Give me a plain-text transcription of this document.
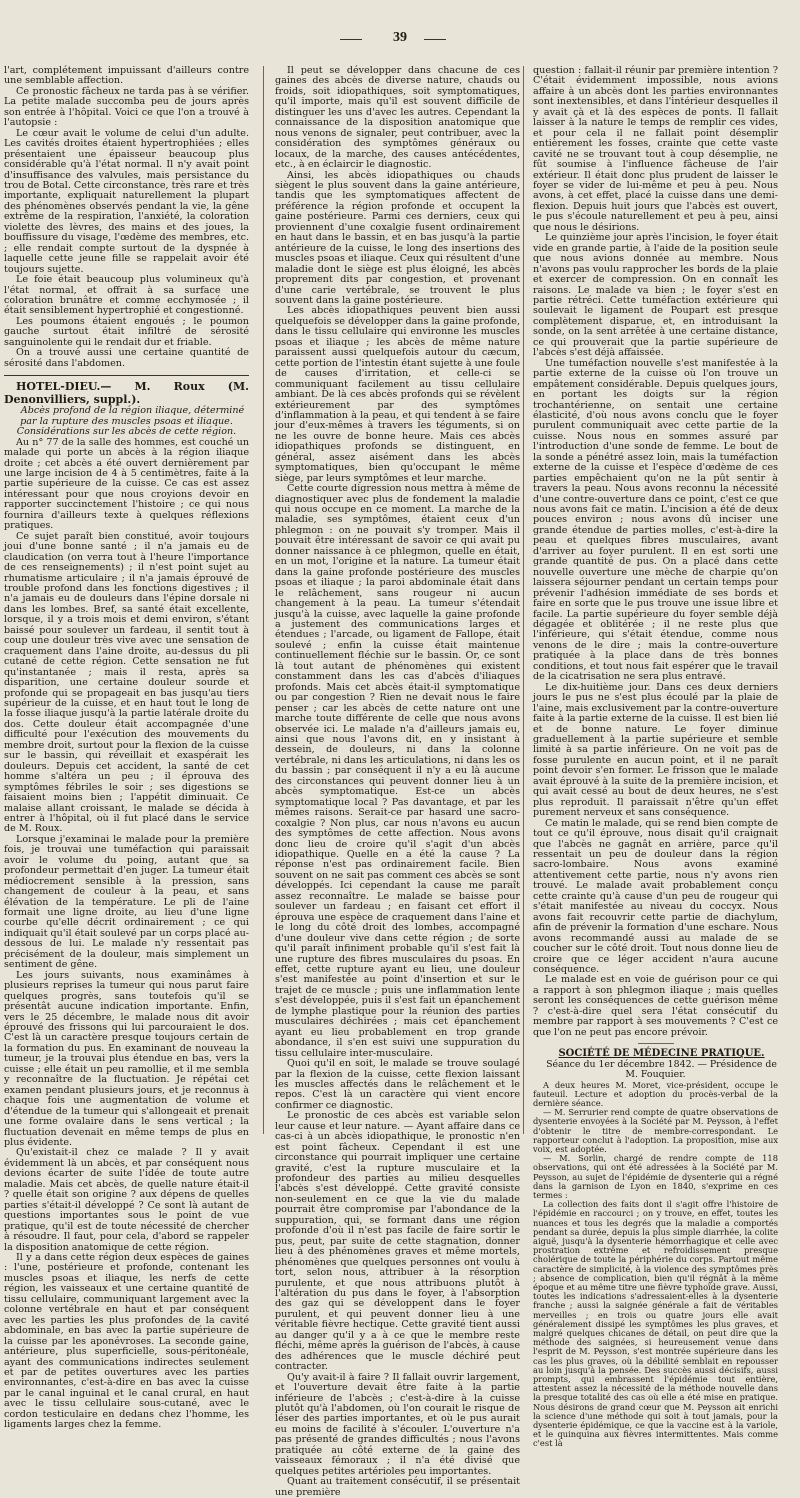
39

l'art, complétement impuissant d'ailleurs contre une semblable affection.

Ce pronostic fâcheux ne tarda pas à se vérifier. La petite malade succomba peu de jours après son entrée à l'hôpital. Voici ce que l'on a trouvé à l'autopsie :

Le cœur avait le volume de celui d'un adulte. Les cavités droites étaient hypertrophiées ; elles présentaient une épaisseur beaucoup plus considérable qu'à l'état normal. Il n'y avait point d'insuffisance des valvules, mais persistance du trou de Botal. Cette circonstance, très rare et très importante, expliquait naturellement la plupart des phénomènes observés pendant la vie, la gêne extrême de la respiration, l'anxiété, la coloration violette des lèvres, des mains et des joues, la bouffissure du visage, l'œdème des membres, etc. ; elle rendait compte surtout de la dyspnée à laquelle cette jeune fille se rappelait avoir été toujours sujette.

Le foie était beaucoup plus volumineux qu'à l'état normal, et offrait à sa surface une coloration brunâtre et comme ecchymosée ; il était sensiblement hypertrophié et congestionné.

Les poumons étaient engoués ; le poumon gauche surtout était infiltré de sérosité sanguinolente qui le rendait dur et friable.

On a trouvé aussi une certaine quantité de sérosité dans l'abdomen.

HOTEL-DIEU.— M. Roux (M. Denonvilliers, suppl.).

Abcès profond de la région iliaque, déterminé par la rupture des muscles psoas et iliaque. Considérations sur les abcès de cette région.

Au n° 77 de la salle des hommes, est couché un malade qui porte un abcès à la région iliaque droite ; cet abcès a été ouvert dernièrement par une large incision de 4 à 5 centimètres, faite à la partie supérieure de la cuisse. Ce cas est assez intéressant pour que nous croyions devoir en rapporter succinctement l'histoire ; ce qui nous fournira d'ailleurs texte à quelques réflexions pratiques.

Ce sujet paraît bien constitué, avoir toujours joui d'une bonne santé ; il n'a jamais eu de claudication (on verra tout à l'heure l'importance de ces renseignements) ; il n'est point sujet au rhumatisme articulaire ; il n'a jamais éprouvé de trouble profond dans les fonctions digestives ; il n'a jamais eu de douleurs dans l'épine dorsale ni dans les lombes. Bref, sa santé était excellente, lorsque, il y a trois mois et demi environ, s'étant baissé pour soulever un fardeau, il sentit tout à coup une douleur très vive avec une sensation de craquement dans l'aine droite, au-dessus du pli cutané de cette région. Cette sensation ne fut qu'instantanée ; mais il resta, après sa disparition, une certaine douleur sourde et profonde qui se propageait en bas jusqu'au tiers supérieur de la cuisse, et en haut tout le long de la fosse iliaque jusqu'à la partie latérale droite du dos. Cette douleur était accompagnée d'une difficulté pour l'exécution des mouvements du membre droit, surtout pour la flexion de la cuisse sur le bassin, qui réveillait et exaspérait les douleurs. Depuis cet accident, la santé de cet homme s'altéra un peu ; il éprouva des symptômes fébriles le soir ; ses digestions se faisaient moins bien ; l'appétit diminuait. Ce malaise allant croissant, le malade se décida à entrer à l'hôpital, où il fut placé dans le service de M. Roux.

Lorsque j'examinai le malade pour la première fois, je trouvai une tuméfaction qui paraissait avoir le volume du poing, autant que sa profondeur permettait d'en juger. La tumeur était médiocrement sensible à la pression, sans changement de couleur à la peau, et sans élévation de la température. Le pli de l'aine formait une ligne droite, au lieu d'une ligne courbe qu'elle décrit ordinairement ; ce qui indiquait qu'il était soulevé par un corps placé au-dessous de lui. Le malade n'y ressentait pas précisément de la douleur, mais simplement un sentiment de gêne.

Les jours suivants, nous examinâmes à plusieurs reprises la tumeur qui nous parut faire quelques progrès, sans toutefois qu'il se présentât aucune indication importante. Enfin, vers le 25 décembre, le malade nous dit avoir éprouvé des frissons qui lui parcouraient le dos. C'est là un caractère presque toujours certain de la formation du pus. En examinant de nouveau la tumeur, je la trouvai plus étendue en bas, vers la cuisse ; elle était un peu ramollie, et il me sembla y reconnaître de la fluctuation. Je répétai cet examen pendant plusieurs jours, et je reconnus à chaque fois une augmentation de volume et d'étendue de la tumeur qui s'allongeait et prenait une forme ovalaire dans le sens vertical ; la fluctuation devenait en même temps de plus en plus évidente.

Qu'existait-il chez ce malade ? Il y avait évidemment là un abcès, et par conséquent nous devions écarter de suite l'idée de toute autre maladie. Mais cet abcès, de quelle nature était-il ? quelle était son origine ? aux dépens de quelles parties s'était-il développé ? Ce sont là autant de questions importantes sous le point de vue pratique, qu'il est de toute nécessité de chercher à résoudre. Il faut, pour cela, d'abord se rappeler la disposition anatomique de cette région.

Il y a dans cette région deux espèces de gaines : l'une, postérieure et profonde, contenant les muscles psoas et iliaque, les nerfs de cette région, les vaisseaux et une certaine quantité de tissu cellulaire, communiquant largement avec la colonne vertébrale en haut et par conséquent avec les parties les plus profondes de la cavité abdominale, en bas avec la partie supérieure de la cuisse par les aponévroses. La seconde gaine, antérieure, plus superficielle, sous-péritonéale, ayant des communications indirectes seulement et par de petites ouvertures avec les parties environnantes, c'est-à-dire en bas avec la cuisse par le canal inguinal et le canal crural, en haut avec le tissu cellulaire sous-cutané, avec le cordon testiculaire en dedans chez l'homme, les ligaments larges chez la femme.

Il peut se développer dans chacune de ces gaines des abcès de diverse nature, chauds ou froids, soit idiopathiques, soit symptomatiques, qu'il importe, mais qu'il est souvent difficile de distinguer les uns d'avec les autres. Cependant la connaissance de la disposition anatomique que nous venons de signaler, peut contribuer, avec la considération des symptômes généraux ou locaux, de la marche, des causes antécédentes, etc., à en éclaircir le diagnostic.

Ainsi, les abcès idiopathiques ou chauds siègent le plus souvent dans la gaine antérieure, tandis que les symptomatiques affectent de préférence la région profonde et occupent la gaine postérieure. Parmi ces derniers, ceux qui proviennent d'une coxalgie fusent ordinairement en haut dans le bassin, et en bas jusqu'à la partie antérieure de la cuisse, le long des insertions des muscles psoas et iliaque. Ceux qui résultent d'une maladie dont le siège est plus éloigné, les abcès proprement dits par congestion, et provenant d'une carie vertébrale, se trouvent le plus souvent dans la gaine postérieure.

Les abcès idiopathiques peuvent bien aussi quelquefois se développer dans la gaine profonde, dans le tissu cellulaire qui environne les muscles psoas et iliaque ; les abcès de même nature paraissent aussi quelquefois autour du cæcum, cette portion de l'intestin étant sujette à une foule de causes d'irritation, et celle-ci se communiquant facilement au tissu cellulaire ambiant. De là ces abcès profonds qui se révèlent extérieurement par des symptômes d'inflammation à la peau, et qui tendent à se faire jour d'eux-mêmes à travers les téguments, si on ne les ouvre de bonne heure. Mais ces abcès idiopathiques profonds se distinguent, en général, assez aisément dans les abcès symptomatiques, bien qu'occupant le même siège, par leurs symptômes et leur marche.

Cette courte digression nous mettra à même de diagnostiquer avec plus de fondement la maladie qui nous occupe en ce moment. La marche de la maladie, ses symptômes, étaient ceux d'un phlegmon : on ne pouvait s'y tromper. Mais il pouvait être intéressant de savoir ce qui avait pu donner naissance à ce phlegmon, quelle en était, en un mot, l'origine et la nature. La tumeur était dans la gaine profonde postérieure des muscles psoas et iliaque ; la paroi abdominale était dans le relâchement, sans rougeur ni aucun changement à la peau. La tumeur s'étendait jusqu'à la cuisse, avec laquelle la gaine profonde a justement des communications larges et étendues ; l'arcade, ou ligament de Fallope, était soulevé ; enfin la cuisse était maintenue continuellement fléchie sur le bassin. Or, ce sont là tout autant de phénomènes qui existent constamment dans les cas d'abcès d'iliaques profonds. Mais cet abcès était-il symptomatique ou par congestion ? Rien ne devait nous le faire penser ; car les abcès de cette nature ont une marche toute différente de celle que nous avons observée ici. Le malade n'a d'ailleurs jamais eu, ainsi que nous l'avons dit, en y insistant à dessein, de douleurs, ni dans la colonne vertébrale, ni dans les articulations, ni dans les os du bassin ; par conséquent il n'y a eu là aucune des circonstances qui peuvent donner lieu à un abcès symptomatique. Est-ce un abcès symptomatique local ? Pas davantage, et par les mêmes raisons. Serait-ce par hasard une sacro-coxalgie ? Non plus, car nous n'avons eu aucun des symptômes de cette affection. Nous avons donc lieu de croire qu'il s'agit d'un abcès idiopathique. Quelle en a été la cause ? La réponse n'est pas ordinairement facile. Bien souvent on ne sait pas comment ces abcès se sont développés. Ici cependant la cause me paraît assez reconnaître. Le malade se baisse pour soulever un fardeau ; en faisant cet effort il éprouva une espèce de craquement dans l'aine et le long du côté droit des lombes, accompagné d'une douleur vive dans cette région ; de sorte qu'il paraît infiniment probable qu'il s'est fait là une rupture des fibres musculaires du psoas. En effet, cette rupture ayant eu lieu, une douleur s'est manifestée au point d'insertion et sur le trajet de ce muscle ; puis une inflammation lente s'est développée, puis il s'est fait un épanchement de lymphe plastique pour la réunion des parties musculaires déchirées ; mais cet épanchement ayant eu lieu probablement en trop grande abondance, il s'en est suivi une suppuration du tissu cellulaire inter-musculaire.

Quoi qu'il en soit, le malade se trouve soulagé par la flexion de la cuisse, cette flexion laissant les muscles affectés dans le relâchement et le repos. C'est là un caractère qui vient encore confirmer ce diagnostic.

Le pronostic de ces abcès est variable selon leur cause et leur nature. — Ayant affaire dans ce cas-ci à un abcès idiopathique, le pronostic n'en est point fâcheux. Cependant il est une circonstance qui pourrait impliquer une certaine gravité, c'est la rupture musculaire et la profondeur des parties au milieu desquelles l'abcès s'est développé. Cette gravité consiste non-seulement en ce que la vie du malade pourrait être compromise par l'abondance de la suppuration, qui, se formant dans une région profonde d'où il n'est pas facile de faire sortir le pus, peut, par suite de cette stagnation, donner lieu à des phénomènes graves et même mortels, phénomènes que quelques personnes ont voulu à tort, selon nous, attribuer à la résorption purulente, et que nous attribuons plutôt à l'altération du pus dans le foyer, à l'absorption des gaz qui se développent dans le foyer purulent, et qui peuvent donner lieu à une véritable fièvre hectique. Cette gravité tient aussi au danger qu'il y a à ce que le membre reste fléchi, même après la guérison de l'abcès, à cause des adhérences que le muscle déchiré peut contracter.

Qu'y avait-il à faire ? Il fallait ouvrir largement, et l'ouverture devait être faite à la partie inférieure de l'abcès ; c'est-à-dire à la cuisse plutôt qu'à l'abdomen, où l'on courait le risque de léser des parties importantes, et où le pus aurait eu moins de facilité à s'écouler. L'ouverture n'a pas présenté de grandes difficultés ; nous l'avons pratiquée au côté externe de la gaine des vaisseaux fémoraux ; il n'a été divisé que quelques petites artérioles peu importantes.

Quant au traitement consécutif, il se présentait une première

question : fallait-il réunir par première intention ? C'était évidemment impossible, nous avions affaire à un abcès dont les parties environnantes sont inextensibles, et dans l'intérieur desquelles il y avait çà et là des espèces de ponts. Il fallait laisser à la nature le temps de remplir ces vides, et pour cela il ne fallait point désemplir entièrement les fosses, crainte que cette vaste cavité ne se trouvant tout à coup désemplie, ne fût soumise à l'influence fâcheuse de l'air extérieur. Il était donc plus prudent de laisser le foyer se vider de lui-même et peu à peu. Nous avons, à cet effet, placé la cuisse dans une demi-flexion. Depuis huit jours que l'abcès est ouvert, le pus s'écoule naturellement et peu à peu, ainsi que nous le désirions.

Le quinzième jour après l'incision, le foyer était vide en grande partie, à l'aide de la position seule que nous avions donnée au membre. Nous n'avons pas voulu rapprocher les bords de la plaie et exercer de compression. On en connaît les raisons. Le malade va bien ; le foyer s'est en partie rétréci. Cette tuméfaction extérieure qui soulevait le ligament de Poupart est presque complètement disparue, et, en introduisant la sonde, on la sent arrêtée à une certaine distance, ce qui prouverait que la partie supérieure de l'abcès s'est déjà affaissée.

Une tuméfaction nouvelle s'est manifestée à la partie externe de la cuisse où l'on trouve un empâtement considérable. Depuis quelques jours, en portant les doigts sur la région trochantérienne, on sentait une certaine élasticité, d'où nous avons conclu que le foyer purulent communiquait avec cette partie de la cuisse. Nous nous en sommes assuré par l'introduction d'une sonde de femme. Le bout de la sonde a pénétré assez loin, mais la tuméfaction externe de la cuisse et l'espèce d'œdème de ces parties empêchaient qu'on ne la pût sentir à travers la peau. Nous avons reconnu la nécessité d'une contre-ouverture dans ce point, c'est ce que nous avons fait ce matin. L'incision a été de deux pouces environ ; nous avons dû inciser une grande étendue de parties molles, c'est-à-dire la peau et quelques fibres musculaires, avant d'arriver au foyer purulent. Il en est sorti une grande quantité de pus. On a placé dans cette nouvelle ouverture une mèche de charpie qu'on laissera séjourner pendant un certain temps pour prévenir l'adhésion immédiate de ses bords et faire en sorte que le pus trouve une issue libre et facile. La partie supérieure du foyer semble déjà dégagée et oblitérée ; il ne reste plus que l'inférieure, qui s'était étendue, comme nous venons de le dire ; mais la contre-ouverture pratiquée à la place dans de très bonnes conditions, et tout nous fait espérer que le travail de la cicatrisation ne sera plus entravé.

Le dix-huitième jour. Dans ces deux derniers jours le pus ne s'est plus écoulé par la plaie de l'aine, mais exclusivement par la contre-ouverture faite à la partie externe de la cuisse. Il est bien lié et de bonne nature. Le foyer diminue graduellement à la partie supérieure et semble limité à sa partie inférieure. On ne voit pas de fosse purulente en aucun point, et il ne paraît point devoir s'en former. Le frisson que le malade avait éprouvé à la suite de la première incision, et qui avait cessé au bout de deux heures, ne s'est plus reproduit. Il paraissait n'être qu'un effet purement nerveux et sans conséquence.

Ce matin le malade, qui se rend bien compte de tout ce qu'il éprouve, nous disait qu'il craignait que l'abcès ne gagnât en arrière, parce qu'il ressentait un peu de douleur dans la région sacro-lombaire. Nous avons examiné attentivement cette partie, nous n'y avons rien trouvé. Le malade avait probablement conçu cette crainte qu'à cause d'un peu de rougeur qui s'était manifestée au niveau du coccyx. Nous avons fait recouvrir cette partie de diachylum, afin de prévenir la formation d'une eschare. Nous avons recommandé aussi au malade de se coucher sur le côté droit. Tout nous donne lieu de croire que ce léger accident n'aura aucune conséquence.

Le malade est en voie de guérison pour ce qui a rapport à son phlegmon iliaque ; mais quelles seront les conséquences de cette guérison même ? c'est-à-dire quel sera l'état consécutif du membre par rapport à ses mouvements ? C'est ce que l'on ne peut pas encore prévoir.

SOCIÉTÉ DE MÉDECINE PRATIQUE.

Séance du 1er décembre 1842. — Présidence de M. Fouquier.

A deux heures M. Moret, vice-président, occupe le fauteuil. Lecture et adoption du procès-verbal de la dernière séance.

— M. Serrurier rend compte de quatre observations de dysenterie envoyées à la Société par M. Peysson, à l'effet d'obtenir le titre de membre-correspondant. Le rapporteur conclut à l'adoption. La proposition, mise aux voix, est adoptée.

— M. Sorlin, chargé de rendre compte de 118 observations, qui ont été adressées à la Société par M. Peysson, au sujet de l'épidémie de dysenterie qui a régné dans la garnison de Lyon en 1840, s'exprime en ces termes :

La collection des faits dont il s'agit offre l'histoire de l'épidémie en raccourci ; on y trouve, en effet, toutes les nuances et tous les degrés que la maladie a comportés pendant sa durée, depuis la plus simple diarrhée, la colite aiguë, jusqu'à la dysenterie hémorrhagique et celle avec prostration extrême et refroidissement presque cholérique de toute la périphérie du corps. Partout même caractère de simplicité, à la violence des symptômes près ; absence de complication, bien qu'il régnât à la même époque et au même titre une fièvre typhoïde grave. Aussi, toutes les indications s'adressaient-elles à la dysenterie franche ; aussi la saignée générale a fait de véritables merveilles ; en trois ou quatre jours elle avait généralement dissipé les symptômes les plus graves, et malgré quelques chicanes de détail, on peut dire que la méthode des saignées, si heureusement venue dans l'esprit de M. Peysson, s'est montrée supérieure dans les cas les plus graves, où la débilité semblait en repousser au loin jusqu'à la pensée. Des succès aussi décisifs, aussi prompts, qui embrassent l'épidémie tout entière, attestent assez la nécessité de la méthode nouvelle dans la presque totalité des cas où elle a été mise en pratique. Nous désirons de grand cœur que M. Peysson ait enrichi la science d'une méthode qui soit à tout jamais, pour la dysenterie épidémique, ce que la vaccine est à la variole, et le quinquina aux fièvres intermittentes. Mais comme c'est là
